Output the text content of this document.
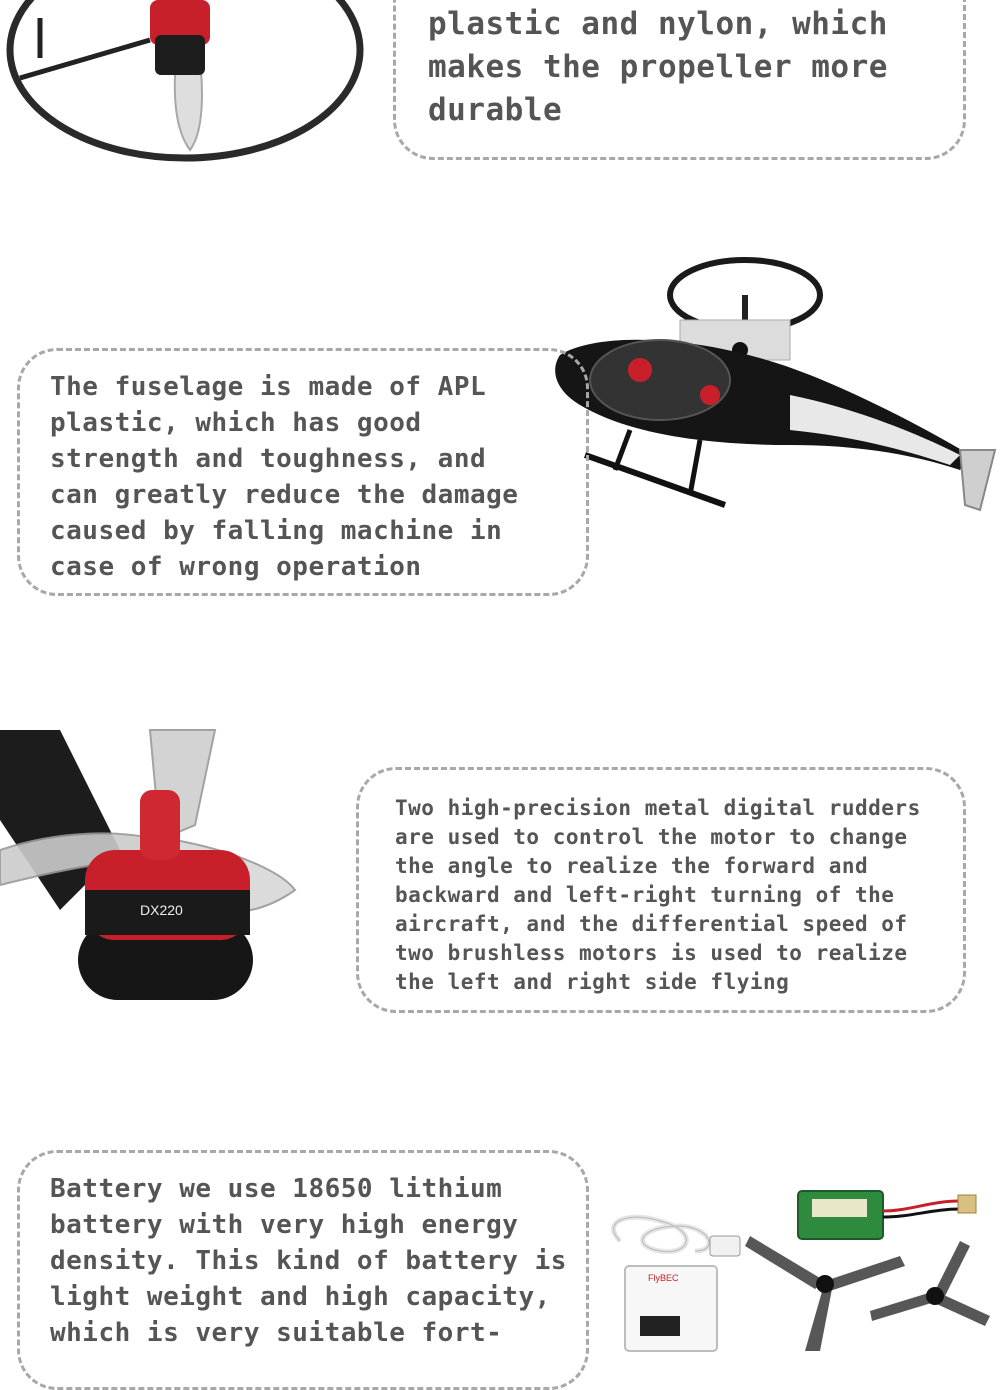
plastic and nylon, which
makes the propeller more
durable

The fuselage is made of APL
plastic, which has good
strength and toughness, and
can greatly reduce the damage
caused by falling machine in
case of wrong operation

DX220

Two high-precision metal digital rudders
are used to control the motor to change
the angle to realize the forward and
backward and left-right turning of the
aircraft, and the differential speed of
two brushless motors is used to realize
the left and right side flying

Battery we use 18650 lithium
battery with very high energy
density. This kind of battery is
light weight and high capacity,
which is very suitable fort-

FlyBEC
